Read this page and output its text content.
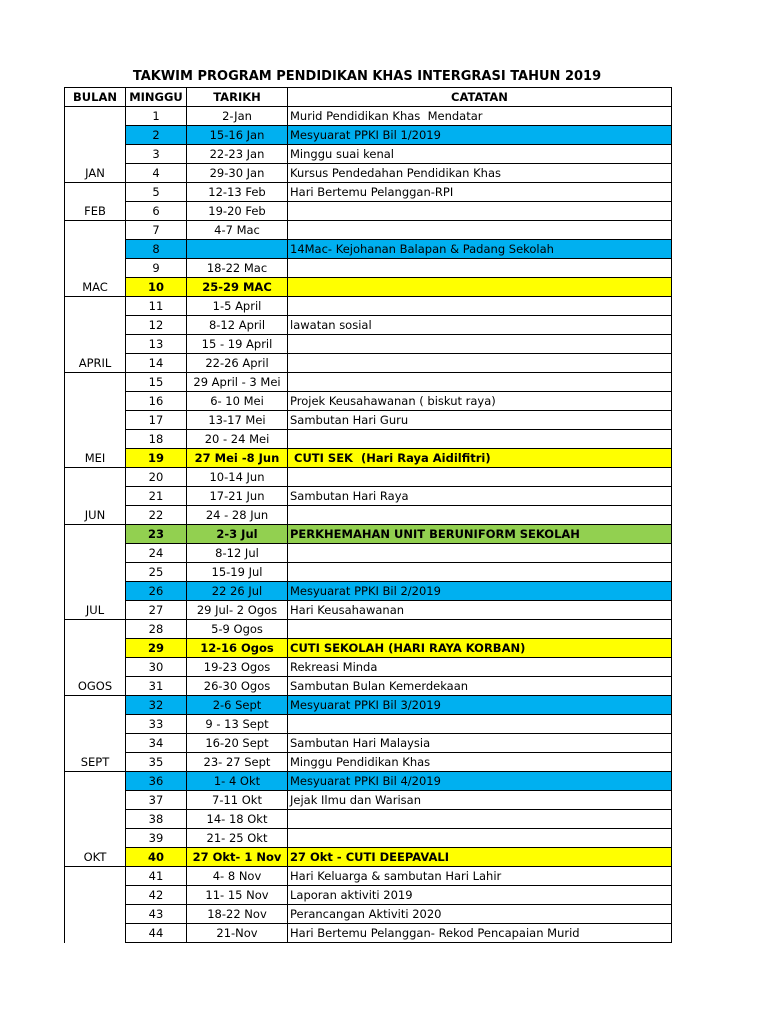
TAKWIM PROGRAM PENDIDIKAN KHAS INTERGRASI TAHUN 2019
BULAN	MINGGU	TARIKH	CATATAN
JAN	1	2-Jan	Murid Pendidikan Khas  Mendatar
	2	15-16 Jan	Mesyuarat PPKI Bil 1/2019
	3	22-23 Jan	Minggu suai kenal
	4	29-30 Jan	Kursus Pendedahan Pendidikan Khas
FEB	5	12-13 Feb	Hari Bertemu Pelanggan-RPI
	6	19-20 Feb	
MAC	7	4-7 Mac	
	8		14Mac- Kejohanan Balapan & Padang Sekolah
	9	18-22 Mac	
	10	25-29 MAC	
APRIL	11	1-5 April	
	12	8-12 April	lawatan sosial
	13	15 - 19 April	
	14	22-26 April	
MEI	15	29 April - 3 Mei	
	16	6- 10 Mei	Projek Keusahawanan ( biskut raya)
	17	13-17 Mei	Sambutan Hari Guru
	18	20 - 24 Mei	
	19	27 Mei -8 Jun	CUTI SEK  (Hari Raya Aidilfitri)
JUN	20	10-14 Jun	
	21	17-21 Jun	Sambutan Hari Raya
	22	24 - 28 Jun	
JUL	23	2-3 Jul	PERKHEMAHAN UNIT BERUNIFORM SEKOLAH
	24	8-12 Jul	
	25	15-19 Jul	
	26	22 26 Jul	Mesyuarat PPKI Bil 2/2019
	27	29 Jul- 2 Ogos	Hari Keusahawanan
OGOS	28	5-9 Ogos	
	29	12-16 Ogos	CUTI SEKOLAH (HARI RAYA KORBAN)
	30	19-23 Ogos	Rekreasi Minda
	31	26-30 Ogos	Sambutan Bulan Kemerdekaan
SEPT	32	2-6 Sept	Mesyuarat PPKI Bil 3/2019
	33	9 - 13 Sept	
	34	16-20 Sept	Sambutan Hari Malaysia
	35	23- 27 Sept	Minggu Pendidikan Khas
OKT	36	1- 4 Okt	Mesyuarat PPKI Bil 4/2019
	37	7-11 Okt	Jejak Ilmu dan Warisan
	38	14- 18 Okt	
	39	21- 25 Okt	
	40	27 Okt- 1 Nov	27 Okt - CUTI DEEPAVALI
	41	4- 8 Nov	Hari Keluarga & sambutan Hari Lahir
	42	11- 15 Nov	Laporan aktiviti 2019
	43	18-22 Nov	Perancangan Aktiviti 2020
	44	21-Nov	Hari Bertemu Pelanggan- Rekod Pencapaian Murid
